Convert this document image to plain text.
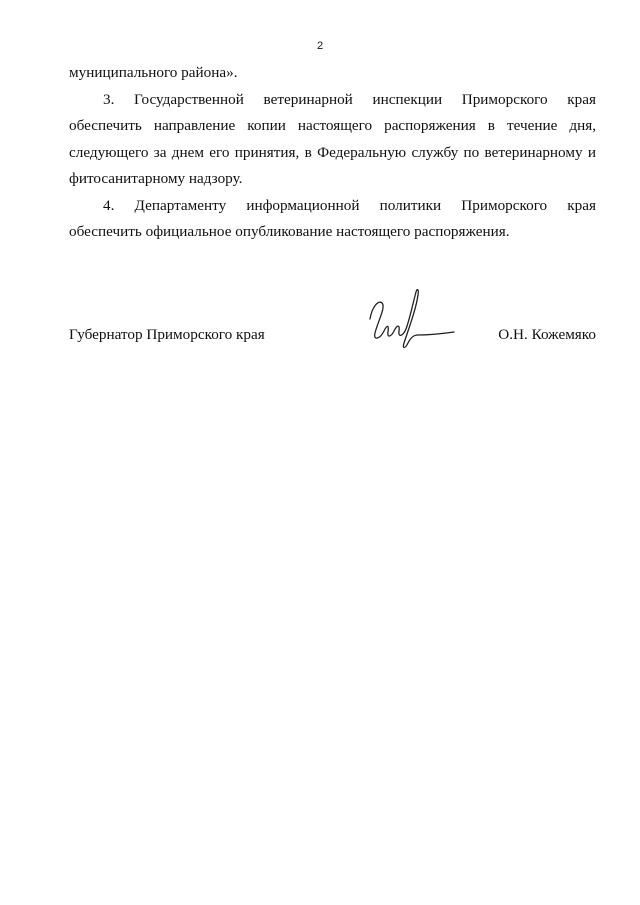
2
муниципального района».
3. Государственной ветеринарной инспекции Приморского края
обеспечить направление копии настоящего распоряжения в течение дня,
следующего за днем его принятия, в Федеральную службу по ветеринарному и
фитосанитарному надзору.
4. Департаменту информационной политики Приморского края
обеспечить официальное опубликование настоящего распоряжения.
Губернатор Приморского края	О.Н. Кожемяко
